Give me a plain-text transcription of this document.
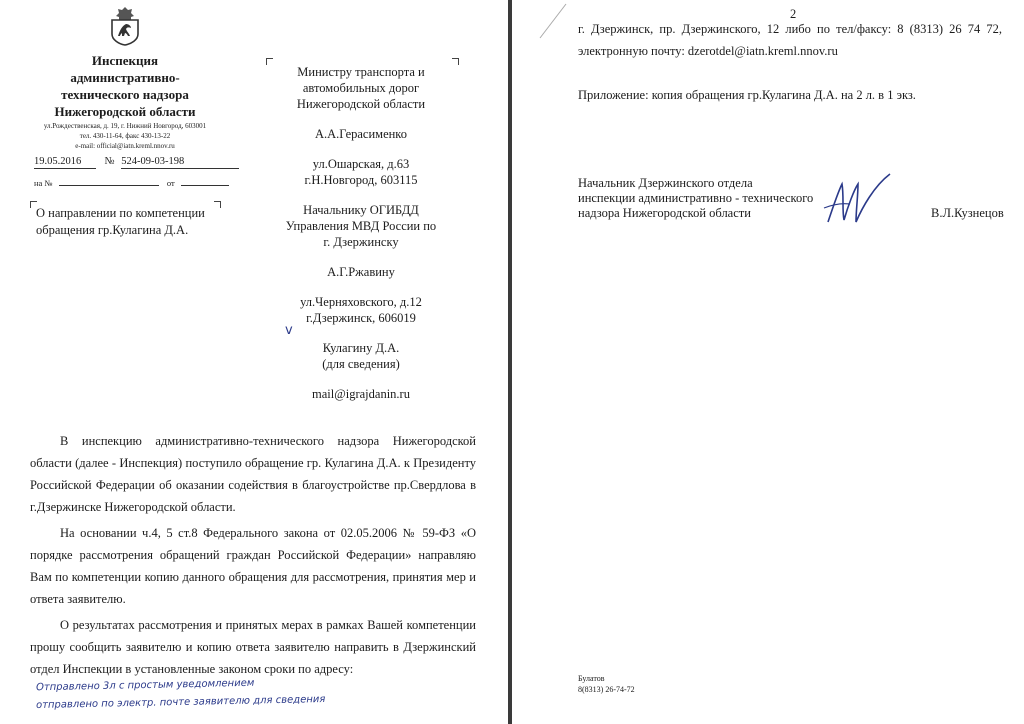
Инспекция
административно-
технического надзора
Нижегородской области
ул.Рождественская, д. 19, г. Нижний Новгород, 603001
тел. 430-11-64, факс 430-13-22
e-mail: official@iatn.kreml.nnov.ru
19.05.2016 № 524-09-03-198
на №	от
О направлении по компетенции
обращения гр.Кулагина Д.А.

Министру транспорта и

автомобильных дорог

Нижегородской области

А.А.Герасименко

ул.Ошарская, д.63

г.Н.Новгород, 603115

Начальнику ОГИБДД

Управления МВД России по

г. Дзержинску

А.Г.Ржавину

ул.Черняховского, д.12

г.Дзержинск, 606019

Кулагину Д.А.

(для сведения)

mail@igrajdanin.ru

v

В инспекцию административно-технического надзора Нижегородской области (далее - Инспекция) поступило обращение гр. Кулагина Д.А. к Президенту Российской Федерации об оказании содействия в благоустройстве пр.Свердлова в г.Дзержинске Нижегородской области.

На основании ч.4, 5 ст.8 Федерального закона от 02.05.2006 № 59-ФЗ «О порядке рассмотрения обращений граждан Российской Федерации» направляю Вам по компетенции копию данного обращения для рассмотрения, принятия мер и ответа заявителю.

О результатах рассмотрения и принятых мерах в рамках Вашей компетенции прошу сообщить заявителю и копию ответа заявителю направить в Дзержинский отдел Инспекции в установленные законом сроки по адресу:

Отправлено 3л с простым уведомлением
отправлено по электр. почте заявителю для сведения
2
г. Дзержинск, пр. Дзержинского, 12 либо по тел/факсу: 8 (8313) 26 74 72,
электронную почту: dzerotdel@iatn.kreml.nnov.ru
Приложение: копия обращения гр.Кулагина Д.А. на 2 л. в 1 экз.
Начальник Дзержинского отдела
инспекции административно - технического
надзора Нижегородской области	В.Л.Кузнецов
Булатов
8(8313) 26-74-72
